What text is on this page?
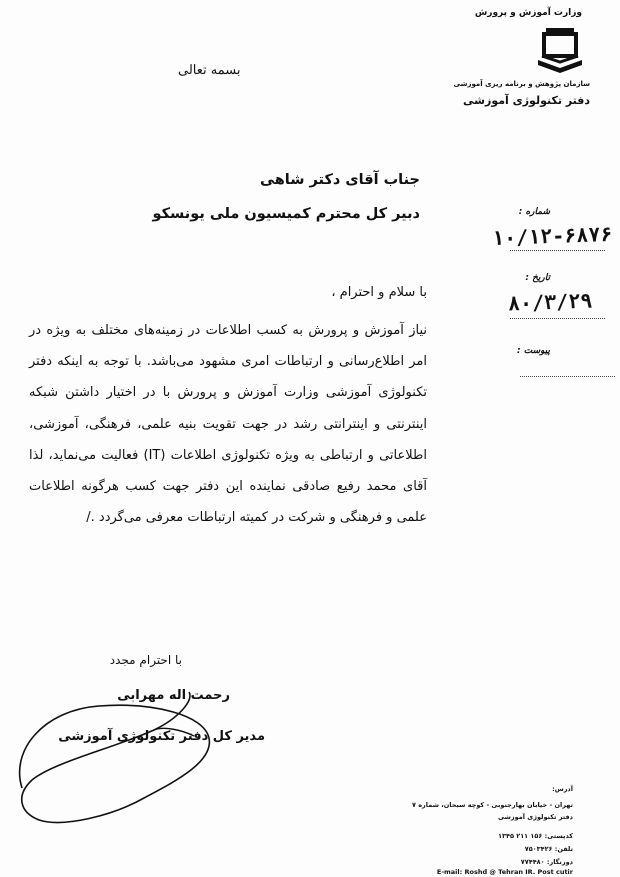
وزارت آموزش و پرورش
سازمان پژوهش و برنامه ریزی آموزشی
دفتر تکنولوژی آموزشی
بسمه تعالی
جناب آقای دکتر شاهی
دبیر کل محترم کمیسیون ملی یونسکو	شماره :
۱۰/۱۲-۶۸۷۶
تاریخ :
۸۰/۳/۲۹
پیوست :
با سلام و احترام ،
نیاز آموزش و پرورش به کسب اطلاعات در زمینه‌های مختلف به ویژه در امر اطلاع‌رسانی و ارتباطات امری مشهود می‌باشد. با توجه به اینکه دفتر تکنولوژی آموزشی وزارت آموزش و پرورش با در اختیار داشتن شبکه اینترنتی و اینترانتی رشد در جهت تقویت بنیه علمی، فرهنگی، آموزشی، اطلاعاتی و ارتباطی به ویژه تکنولوژی اطلاعات (IT) فعالیت می‌نماید، لذا آقای محمد رفیع صادقی نماینده این دفتر جهت کسب هرگونه اطلاعات علمی و فرهنگی و شرکت در کمیته ارتباطات معرفی می‌گردد ./
با احترام مجدد
رحمت اله مهرابی
مدیر کل دفتر تکنولوژی آموزشی
آدرس:
تهران - خیابان بهارجنوبی - کوچه سبحان، شماره ۷
دفتر تکنولوژی آموزشی
کدپستی: ۱۵۶ ۲۱۱ ۱۳۴۵
تلفن: ۷۵۰۳۴۲۶
دورنگار: ۷۷۴۴۸۰
E-mail: Roshd @ Tehran IR. Post cutir
